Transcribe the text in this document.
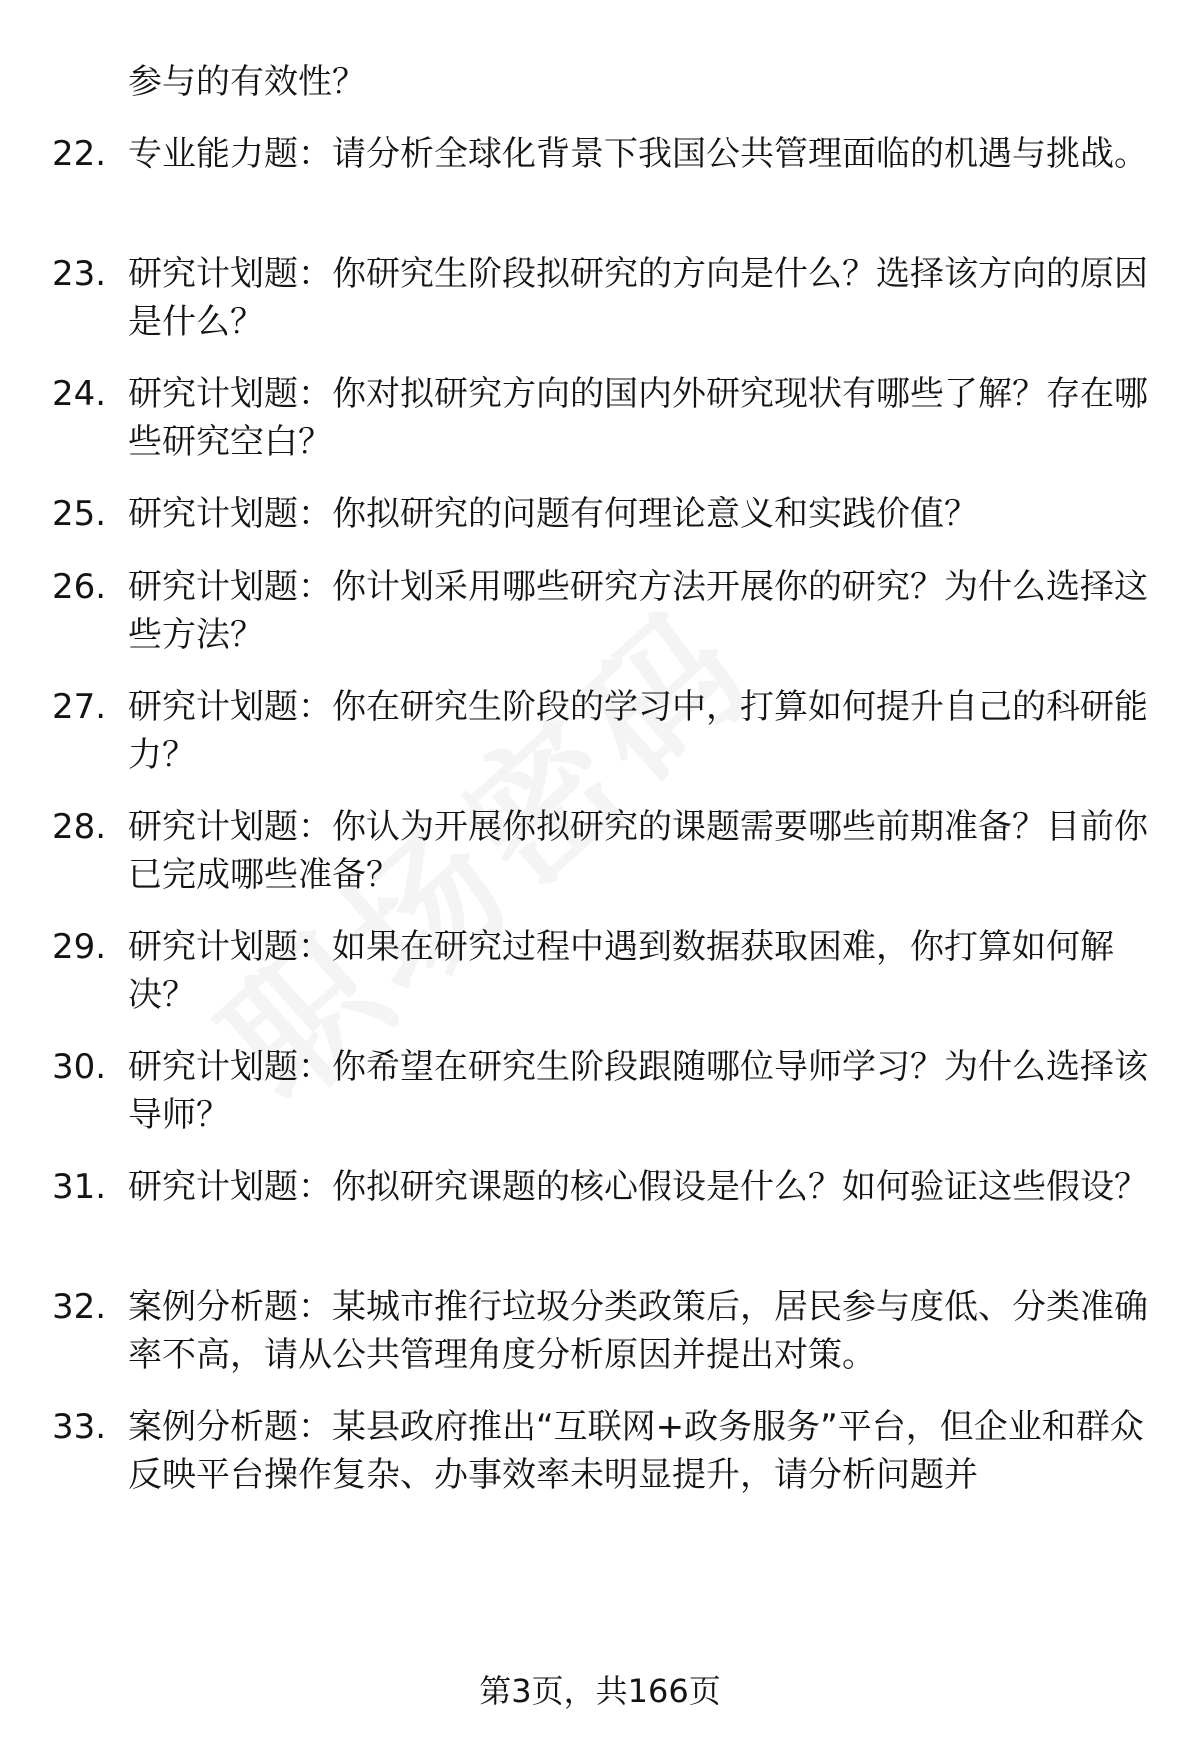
参与的有效性？
22. 专业能力题：请分析全球化背景下我国公共管理面临的机遇与挑战。
23. 研究计划题：你研究生阶段拟研究的方向是什么？选择该方向的原因是什么？
24. 研究计划题：你对拟研究方向的国内外研究现状有哪些了解？存在哪些研究空白？
25. 研究计划题：你拟研究的问题有何理论意义和实践价值？
26. 研究计划题：你计划采用哪些研究方法开展你的研究？为什么选择这些方法？
27. 研究计划题：你在研究生阶段的学习中，打算如何提升自己的科研能力？
28. 研究计划题：你认为开展你拟研究的课题需要哪些前期准备？目前你已完成哪些准备？
29. 研究计划题：如果在研究过程中遇到数据获取困难，你打算如何解决？
30. 研究计划题：你希望在研究生阶段跟随哪位导师学习？为什么选择该导师？
31. 研究计划题：你拟研究课题的核心假设是什么？如何验证这些假设？
32. 案例分析题：某城市推行垃圾分类政策后，居民参与度低、分类准确率不高，请从公共管理角度分析原因并提出对策。
33. 案例分析题：某县政府推出“互联网+政务服务”平台，但企业和群众反映平台操作复杂、办事效率未明显提升，请分析问题并
第3页，共166页
